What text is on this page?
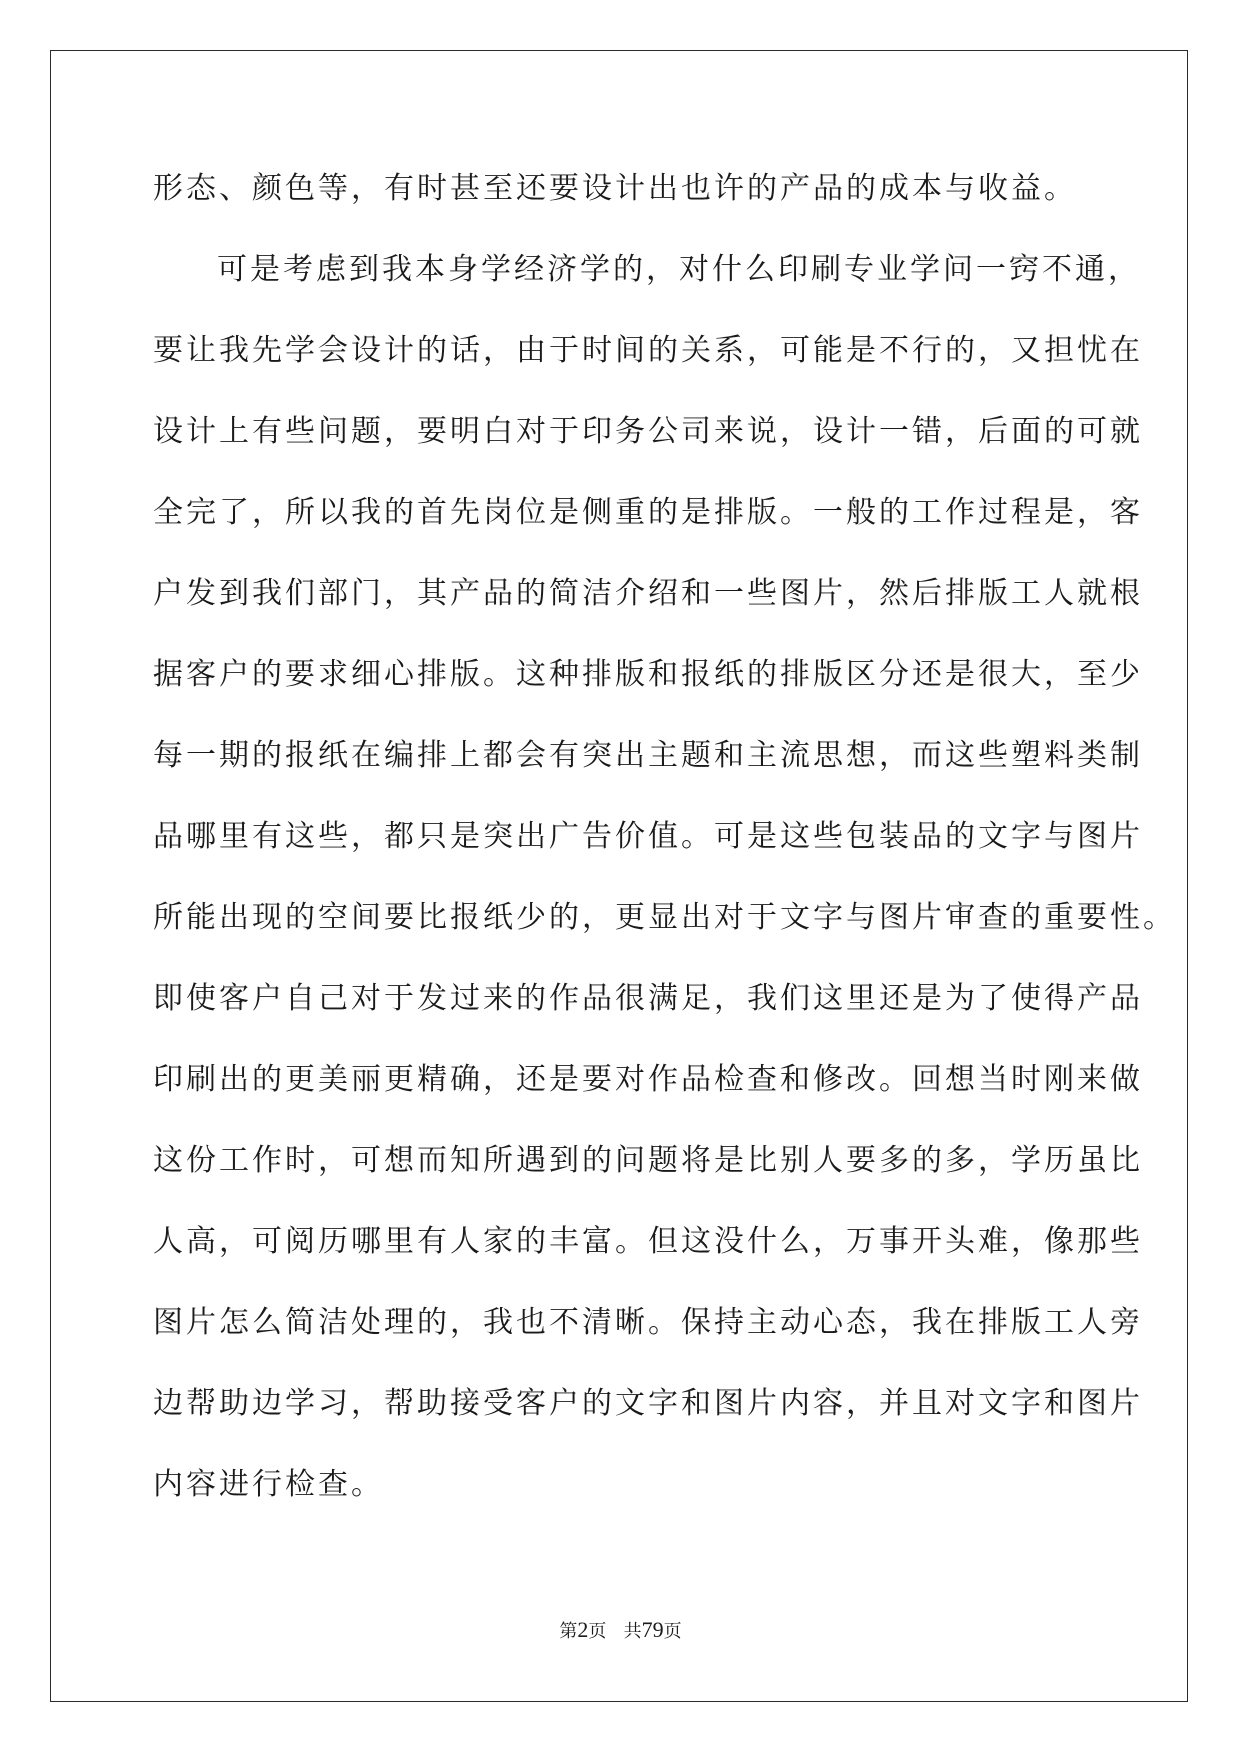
形态、颜色等，有时甚至还要设计出也许的产品的成本与收益。
可是考虑到我本身学经济学的，对什么印刷专业学问一窍不通，
要让我先学会设计的话，由于时间的关系，可能是不行的，又担忧在
设计上有些问题，要明白对于印务公司来说，设计一错，后面的可就
全完了，所以我的首先岗位是侧重的是排版。一般的工作过程是，客
户发到我们部门，其产品的简洁介绍和一些图片，然后排版工人就根
据客户的要求细心排版。这种排版和报纸的排版区分还是很大，至少
每一期的报纸在编排上都会有突出主题和主流思想，而这些塑料类制
品哪里有这些，都只是突出广告价值。可是这些包装品的文字与图片
所能出现的空间要比报纸少的，更显出对于文字与图片审查的重要性。
即使客户自己对于发过来的作品很满足，我们这里还是为了使得产品
印刷出的更美丽更精确，还是要对作品检查和修改。回想当时刚来做
这份工作时，可想而知所遇到的问题将是比别人要多的多，学历虽比
人高，可阅历哪里有人家的丰富。但这没什么，万事开头难，像那些
图片怎么简洁处理的，我也不清晰。保持主动心态，我在排版工人旁
边帮助边学习，帮助接受客户的文字和图片内容，并且对文字和图片
内容进行检查。
第2页 共79页
